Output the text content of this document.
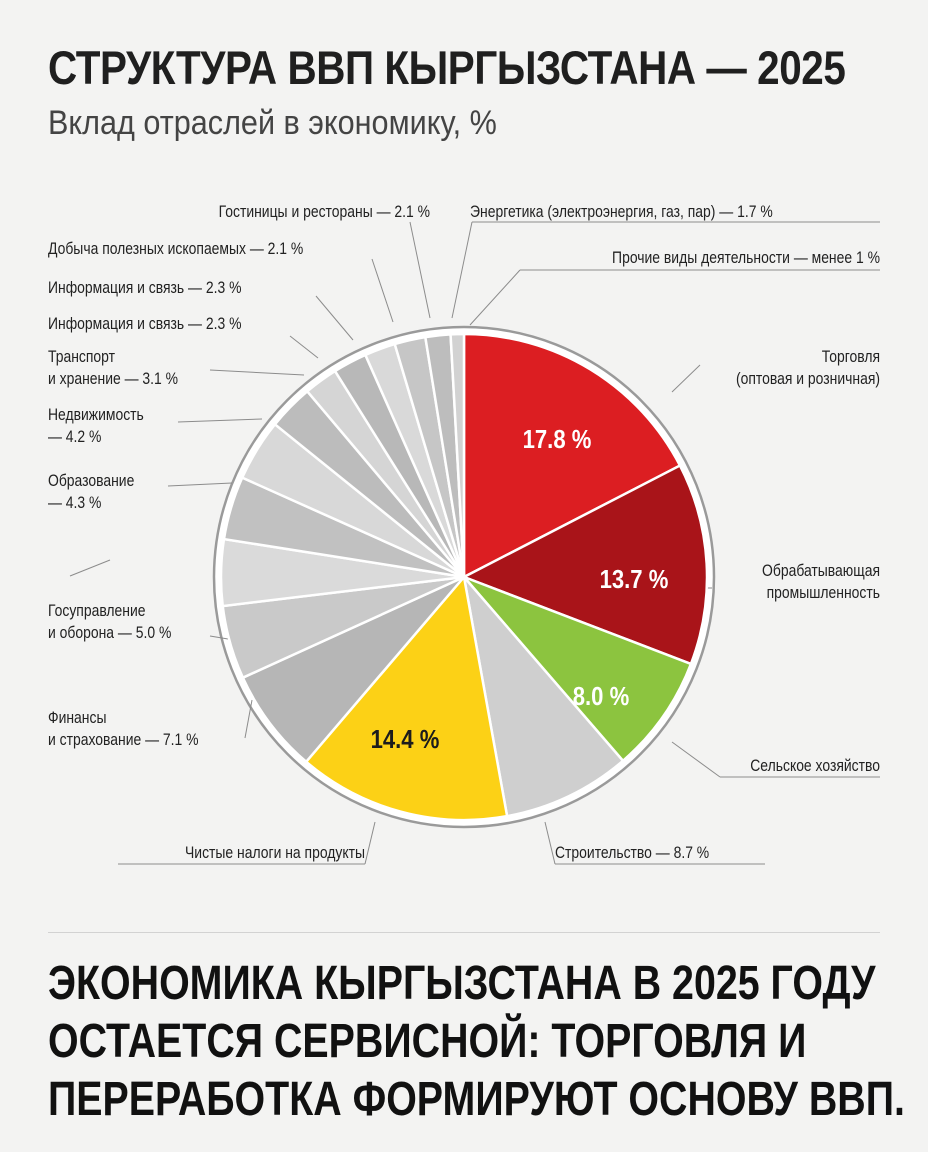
СТРУКТУРА ВВП КЫРГЫЗСТАНА — 2025
Вклад отраслей в экономику, %
17.8 %
13.7 %
8.0 %
14.4 %
Торговля (оптовая и розничная)
Обрабатывающая промышленность
Сельское хозяйство
Строительство — 8.7 %
Чистые налоги на продукты
Финансы и страхование — 7.1 %
Госуправление и оборона — 5.0 %
Образование — 4.3 %
Недвижимость — 4.2 %
Транспорт и хранение — 3.1 %
Информация и связь — 2.3 %
Информация и связь — 2.3 %
Добыча полезных ископаемых — 2.1 %
Гостиницы и рестораны — 2.1 % Энергетика (электроэнергия, газ, пар) — 1.7 %
Прочие виды деятельности — менее 1 %
ЭКОНОМИКА КЫРГЫЗСТАНА В 2025 ГОДУ
ОСТАЕТСЯ СЕРВИСНОЙ: ТОРГОВЛЯ И
ПЕРЕРАБОТКА ФОРМИРУЮТ ОСНОВУ ВВП.
